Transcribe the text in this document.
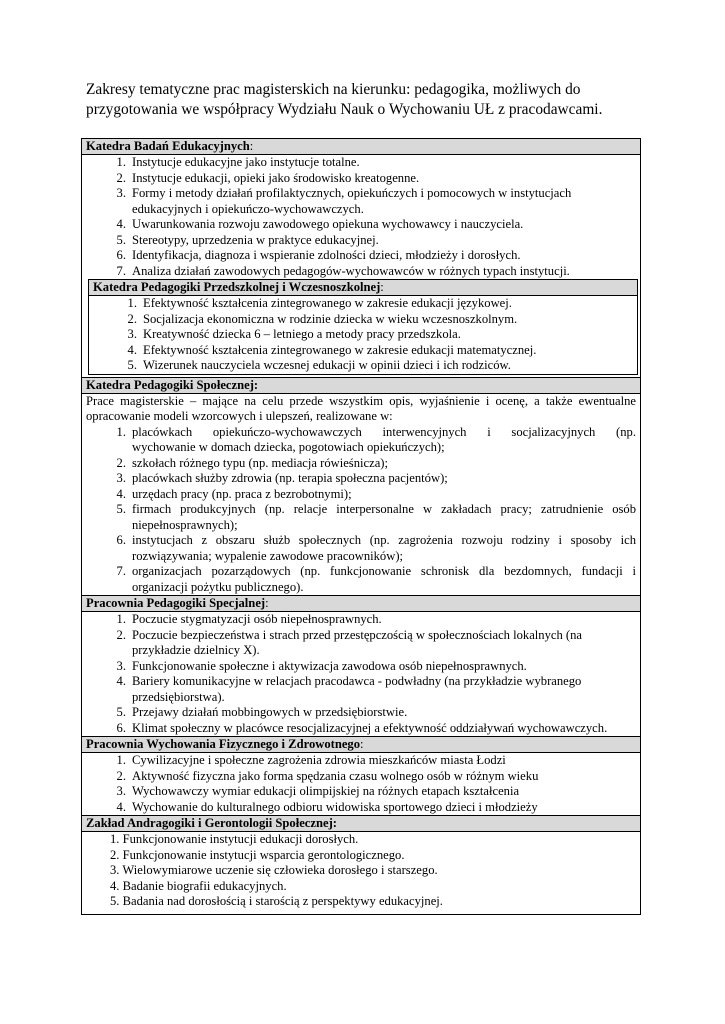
Zakresy tematyczne prac magisterskich na kierunku: pedagogika, możliwych do
przygotowania we współpracy Wydziału Nauk o Wychowaniu UŁ z pracodawcami.
Katedra Badań Edukacyjnych:
1. Instytucje edukacyjne jako instytucje totalne.
2. Instytucje edukacji, opieki jako środowisko kreatogenne.
3. Formy i metody działań profilaktycznych, opiekuńczych i pomocowych w instytucjach
edukacyjnych i opiekuńczo-wychowawczych.
4. Uwarunkowania rozwoju zawodowego opiekuna wychowawcy i nauczyciela.
5. Stereotypy, uprzedzenia w praktyce edukacyjnej.
6. Identyfikacja, diagnoza i wspieranie zdolności dzieci, młodzieży i dorosłych.
7. Analiza działań zawodowych pedagogów-wychowawców w różnych typach instytucji.
Katedra Pedagogiki Przedszkolnej i Wczesnoszkolnej:
1. Efektywność kształcenia zintegrowanego w zakresie edukacji językowej.
2. Socjalizacja ekonomiczna w rodzinie dziecka w wieku wczesnoszkolnym.
3. Kreatywność dziecka 6 – letniego a metody pracy przedszkola.
4. Efektywność kształcenia zintegrowanego w zakresie edukacji matematycznej.
5. Wizerunek nauczyciela wczesnej edukacji w opinii dzieci i ich rodziców.
Katedra Pedagogiki Społecznej:
Prace magisterskie – mające na celu przede wszystkim opis, wyjaśnienie i ocenę, a także ewentualne
opracowanie modeli wzorcowych i ulepszeń, realizowane w:
1. placówkach opiekuńczo-wychowawczych interwencyjnych i socjalizacyjnych (np.
wychowanie w domach dziecka, pogotowiach opiekuńczych);
2. szkołach różnego typu (np. mediacja rówieśnicza);
3. placówkach służby zdrowia (np. terapia społeczna pacjentów);
4. urzędach pracy (np. praca z bezrobotnymi);
5. firmach produkcyjnych (np. relacje interpersonalne w zakładach pracy; zatrudnienie osób
niepełnosprawnych);
6. instytucjach z obszaru służb społecznych (np. zagrożenia rozwoju rodziny i sposoby ich
rozwiązywania; wypalenie zawodowe pracowników);
7. organizacjach pozarządowych (np. funkcjonowanie schronisk dla bezdomnych, fundacji i
organizacji pożytku publicznego).
Pracownia Pedagogiki Specjalnej:
1. Poczucie stygmatyzacji osób niepełnosprawnych.
2. Poczucie bezpieczeństwa i strach przed przestępczością w społecznościach lokalnych (na
przykładzie dzielnicy X).
3. Funkcjonowanie społeczne i aktywizacja zawodowa osób niepełnosprawnych.
4. Bariery komunikacyjne w relacjach pracodawca - podwładny (na przykładzie wybranego
przedsiębiorstwa).
5. Przejawy działań mobbingowych w przedsiębiorstwie.
6. Klimat społeczny w placówce resocjalizacyjnej a efektywność oddziaływań wychowawczych.
Pracownia Wychowania Fizycznego i Zdrowotnego:
1. Cywilizacyjne i społeczne zagrożenia zdrowia mieszkańców miasta Łodzi
2. Aktywność fizyczna jako forma spędzania czasu wolnego osób w różnym wieku
3. Wychowawczy wymiar edukacji olimpijskiej na różnych etapach kształcenia
4. Wychowanie do kulturalnego odbioru widowiska sportowego dzieci i młodzieży
Zakład Andragogiki i Gerontologii Społecznej:
1. Funkcjonowanie instytucji edukacji dorosłych.
2. Funkcjonowanie instytucji wsparcia gerontologicznego.
3. Wielowymiarowe uczenie się człowieka dorosłego i starszego.
4. Badanie biografii edukacyjnych.
5. Badania nad dorosłością i starością z perspektywy edukacyjnej.
